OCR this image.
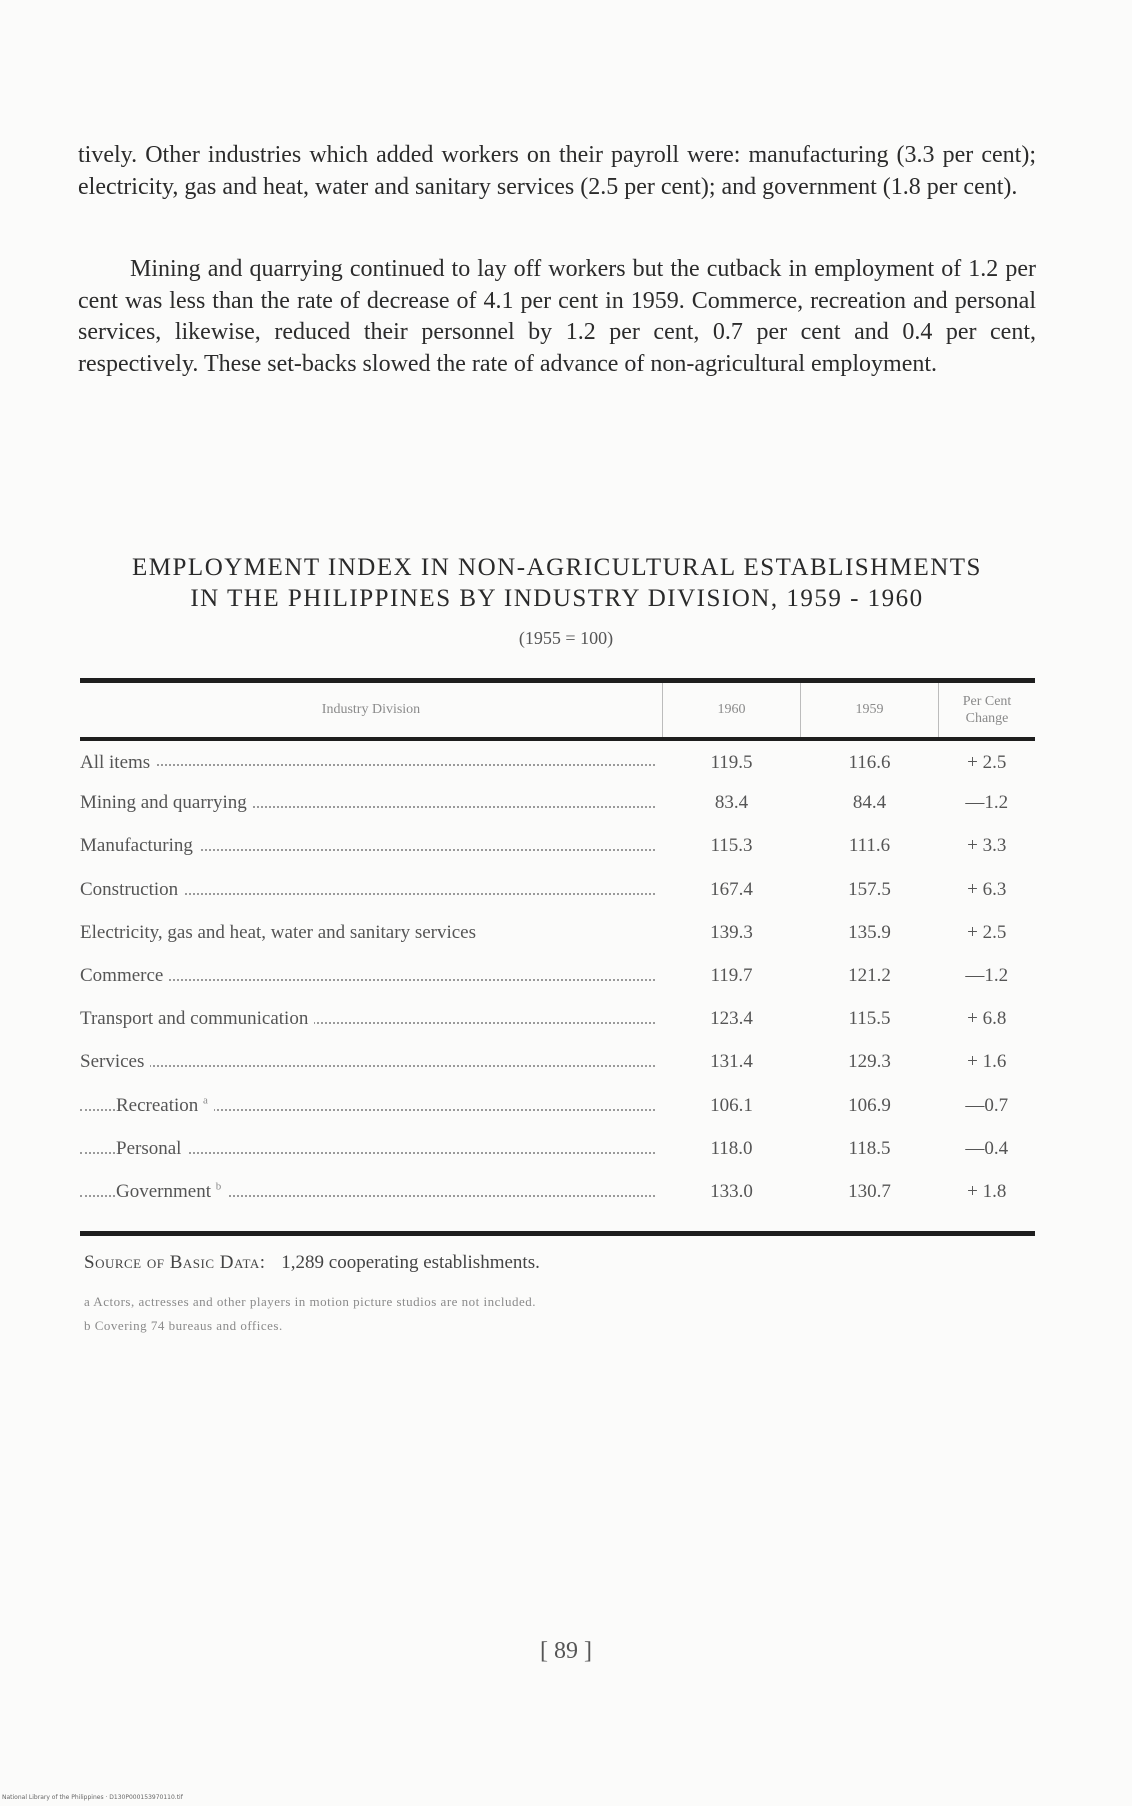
tively. Other industries which added workers on their payroll were: manufacturing (3.3 per cent); electricity, gas and heat, water and sanitary services (2.5 per cent); and government (1.8 per cent).

Mining and quarrying continued to lay off workers but the cutback in employment of 1.2 per cent was less than the rate of decrease of 4.1 per cent in 1959. Commerce, recreation and personal services, likewise, reduced their personnel by 1.2 per cent, 0.7 per cent and 0.4 per cent, respectively. These set-backs slowed the rate of advance of non-agricultural employment.

EMPLOYMENT INDEX IN NON-AGRICULTURAL ESTABLISHMENTS
IN THE PHILIPPINES BY INDUSTRY DIVISION, 1959 - 1960
(1955 = 100)
Industry Division	1960	1959	Per Cent
Change

All items	119.5	116.6	+ 2.5

Mining and quarrying	83.4	84.4	—1.2

Manufacturing	115.3	111.6	+ 3.3

Construction	167.4	157.5	+ 6.3
Electricity, gas and heat, water and sanitary services	139.3	135.9	+ 2.5

Commerce	119.7	121.2	—1.2

Transport and communication	123.4	115.5	+ 6.8

Services	131.4	129.3	+ 1.6

Recreation $^a$	106.1	106.9	—0.7

Personal	118.0	118.5	—0.4

Government $^b$	133.0	130.7	+ 1.8
Source of Basic Data: 1,289 cooperating establishments.
a Actors, actresses and other players in motion picture studios are not included.
b Covering 74 bureaus and offices.
[ 89 ]
National Library of the Philippines · D130P000153970110.tif
